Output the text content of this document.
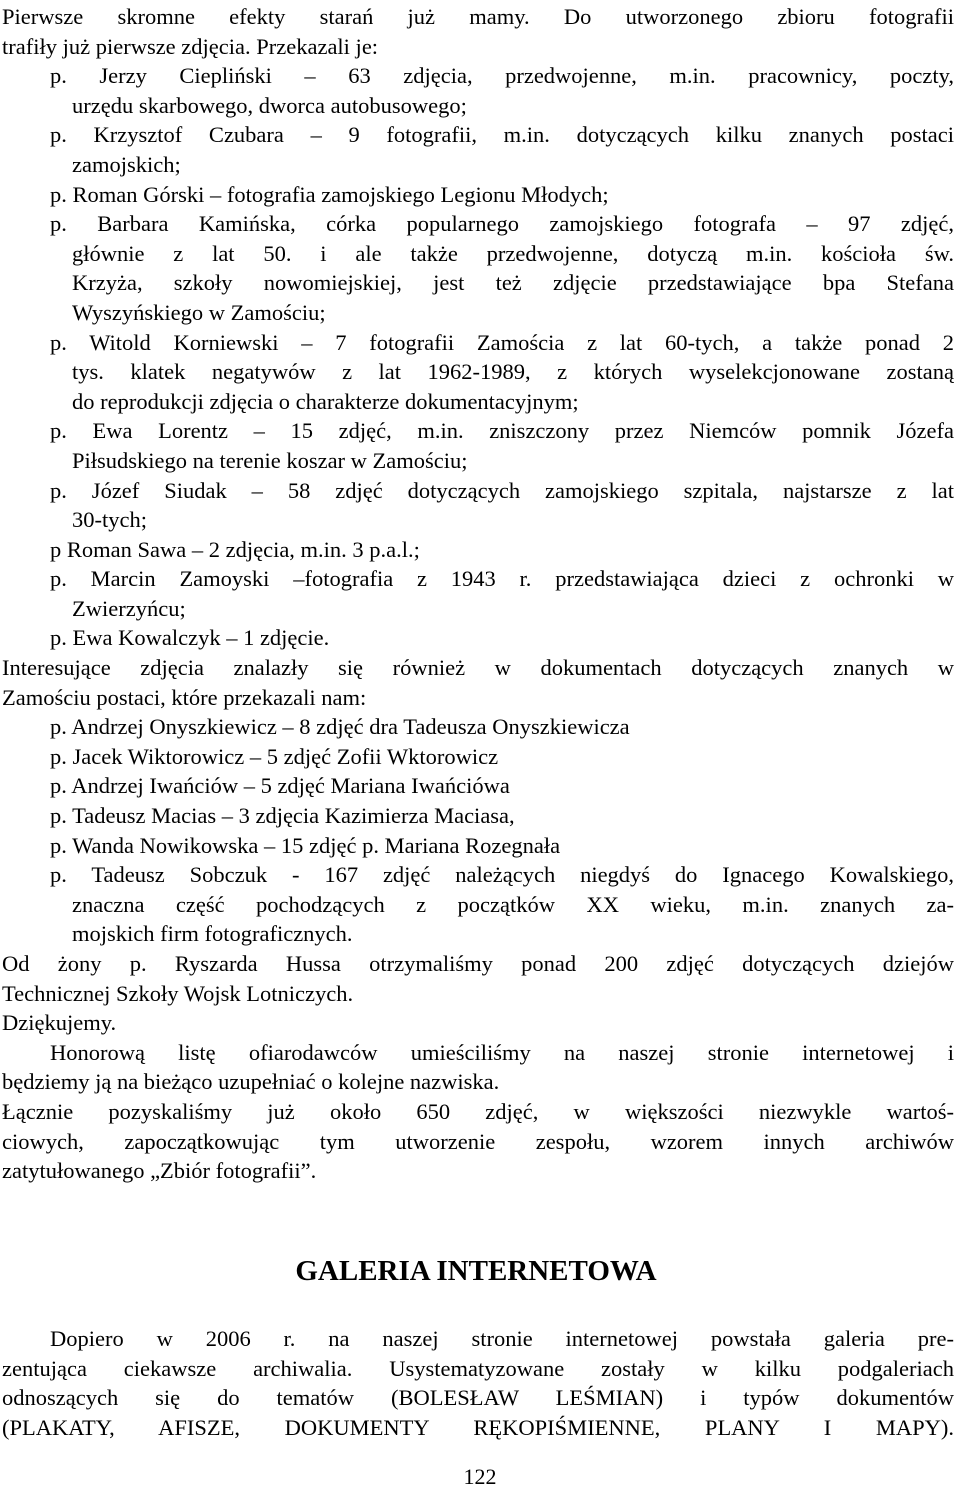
Pierwsze skromne efekty starań już mamy. Do utworzonego zbioru fotografii
trafiły już pierwsze zdjęcia. Przekazali je:
p. Jerzy Ciepliński – 63 zdjęcia, przedwojenne, m.in. pracownicy, poczty,
urzędu skarbowego, dworca autobusowego;
p. Krzysztof Czubara – 9 fotografii, m.in. dotyczących kilku znanych postaci
zamojskich;
p. Roman Górski – fotografia zamojskiego Legionu Młodych;
p. Barbara Kamińska, córka popularnego zamojskiego fotografa – 97 zdjęć,
głównie z lat 50. i ale także przedwojenne, dotyczą m.in. kościoła św.
Krzyża, szkoły nowomiejskiej, jest też zdjęcie przedstawiające bpa Stefana
Wyszyńskiego w Zamościu;
p. Witold Korniewski – 7 fotografii Zamościa z lat 60-tych, a także ponad 2
tys. klatek negatywów z lat 1962-1989, z których wyselekcjonowane zostaną
do reprodukcji zdjęcia o charakterze dokumentacyjnym;
p. Ewa Lorentz – 15 zdjęć, m.in. zniszczony przez Niemców pomnik Józefa
Piłsudskiego na terenie koszar w Zamościu;
p. Józef Siudak – 58 zdjęć dotyczących zamojskiego szpitala, najstarsze z lat
30-tych;
p Roman Sawa – 2 zdjęcia, m.in. 3 p.a.l.;
p. Marcin Zamoyski –fotografia z 1943 r. przedstawiająca dzieci z ochronki w
Zwierzyńcu;
p. Ewa Kowalczyk – 1 zdjęcie.
Interesujące zdjęcia znalazły się również w dokumentach dotyczących znanych w
Zamościu postaci, które przekazali nam:
p. Andrzej Onyszkiewicz – 8 zdjęć dra Tadeusza Onyszkiewicza
p. Jacek Wiktorowicz – 5 zdjęć Zofii Wktorowicz
p. Andrzej Iwańciów – 5 zdjęć Mariana Iwańciówa
p. Tadeusz Macias – 3 zdjęcia Kazimierza Maciasa,
p. Wanda Nowikowska – 15 zdjęć p. Mariana Rozegnała
p. Tadeusz Sobczuk - 167 zdjęć należących niegdyś do Ignacego Kowalskiego,
znaczna część pochodzących z początków XX wieku, m.in. znanych za-
mojskich firm fotograficznych.
Od żony p. Ryszarda Hussa otrzymaliśmy ponad 200 zdjęć dotyczących dziejów
Technicznej Szkoły Wojsk Lotniczych.
Dziękujemy.
Honorową listę ofiarodawców umieściliśmy na naszej stronie internetowej i
będziemy ją na bieżąco uzupełniać o kolejne nazwiska.
Łącznie pozyskaliśmy już około 650 zdjęć, w większości niezwykle wartoś-
ciowych, zapoczątkowując tym utworzenie zespołu, wzorem innych archiwów
zatytułowanego „Zbiór fotografii”.
GALERIA INTERNETOWA
Dopiero w 2006 r. na naszej stronie internetowej powstała galeria pre-
zentująca ciekawsze archiwalia. Usystematyzowane zostały w kilku podgaleriach
odnoszących się do tematów (BOLESŁAW LEŚMIAN) i typów dokumentów
(PLAKATY, AFISZE, DOKUMENTY RĘKOPIŚMIENNE, PLANY I MAPY).
122
